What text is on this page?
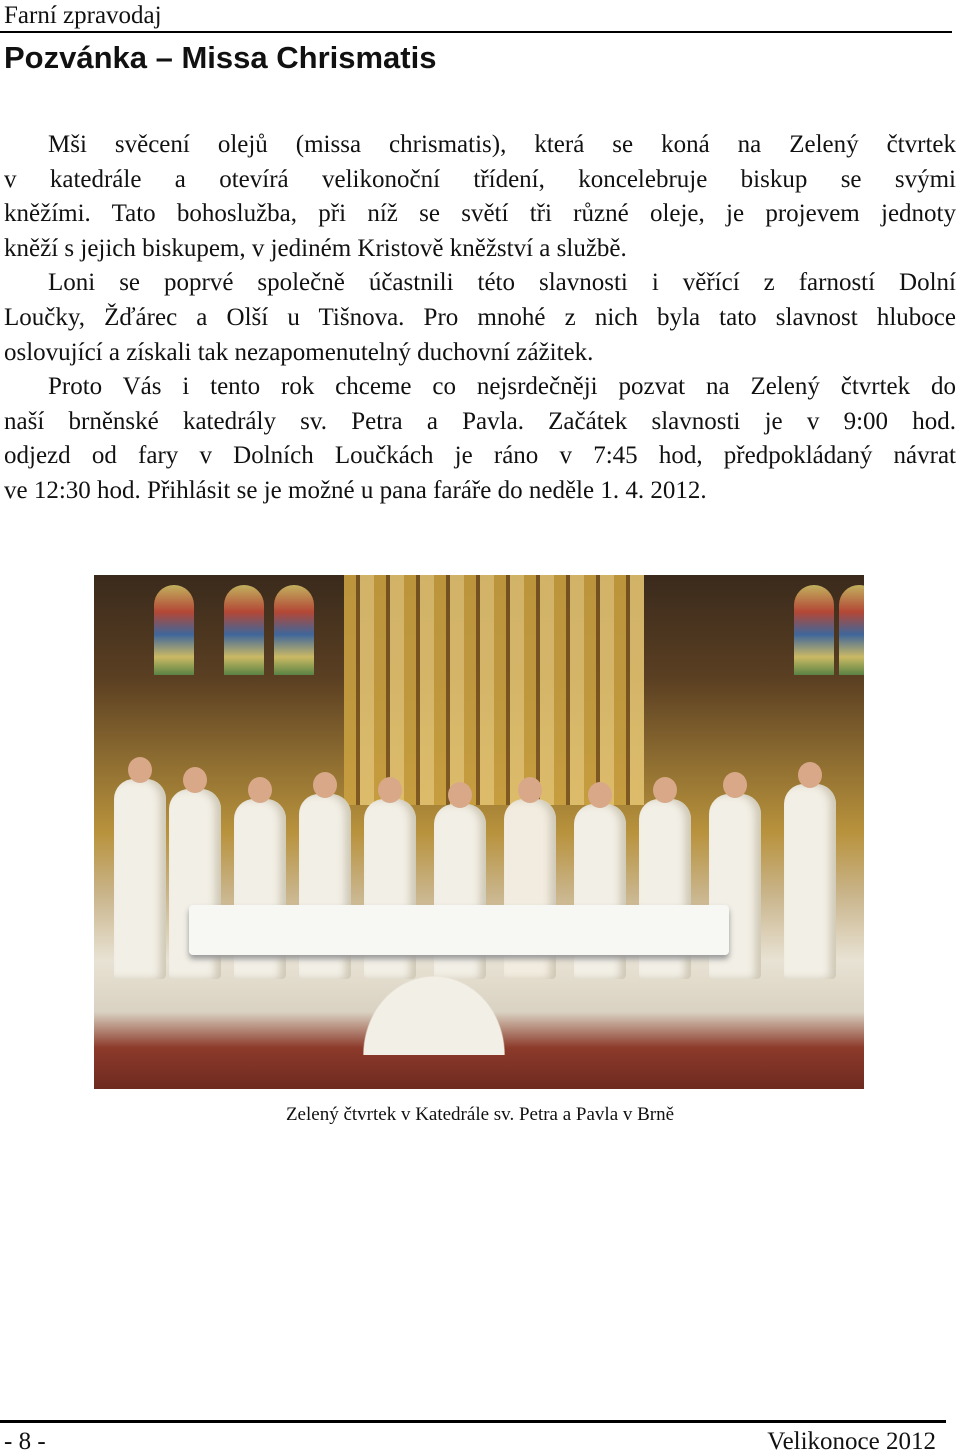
Farní zpravodaj
Pozvánka – Missa Chrismatis
Mši svěcení olejů (missa chrismatis), která se koná na Zelený čtvrtek
v katedrále a otevírá velikonoční třídení, koncelebruje biskup se svými
kněžími. Tato bohoslužba, při níž se světí tři různé oleje, je projevem jednoty
kněží s jejich biskupem, v jediném Kristově kněžství a službě.
Loni se poprvé společně účastnili této slavnosti i věřící z farností Dolní
Loučky, Žďárec a Olší u Tišnova. Pro mnohé z nich byla tato slavnost hluboce
oslovující a získali tak nezapomenutelný duchovní zážitek.
Proto Vás i tento rok chceme co nejsrdečněji pozvat na Zelený čtvrtek do
naší brněnské katedrály sv. Petra a Pavla. Začátek slavnosti je v 9:00 hod.
odjezd od fary v Dolních Loučkách je ráno v 7:45 hod, předpokládaný návrat
ve 12:30 hod. Přihlásit se je možné u pana faráře do neděle 1. 4. 2012.
Zelený čtvrtek v Katedrále sv. Petra a Pavla v Brně
- 8 -	Velikonoce 2012
